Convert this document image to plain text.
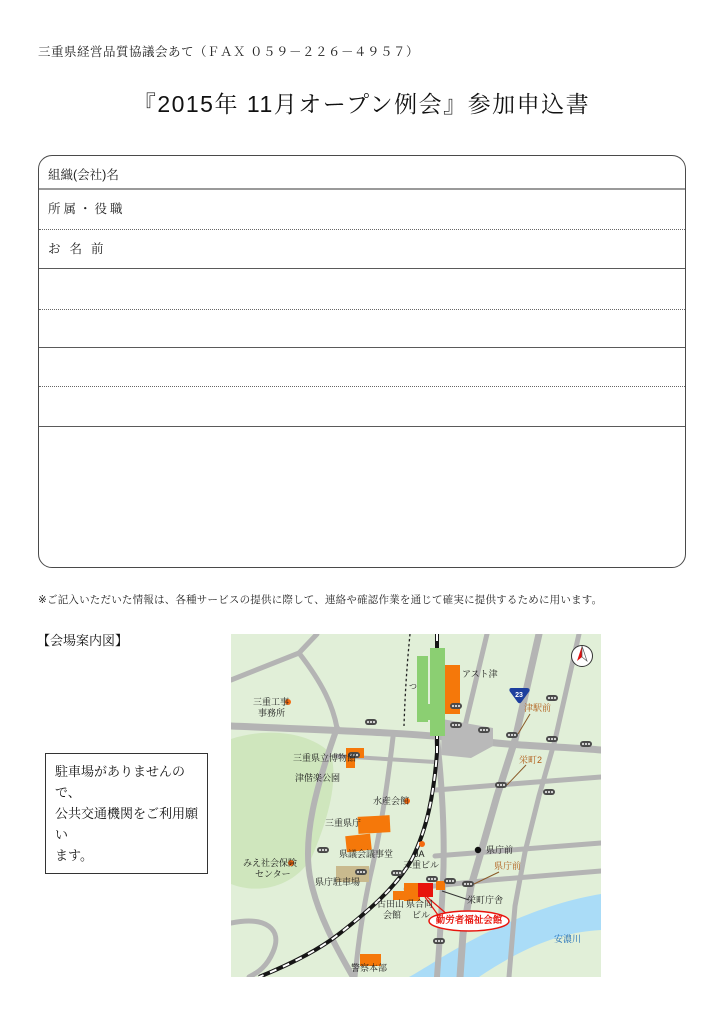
三重県経営品質協議会あて（ＦＡＸ ０５９－２２６－４９５７）
『2015年 11月オープン例会』参加申込書
組織(会社)名
所属・役職
お名前
※ご記入いただいた情報は、各種サービスの提供に際して、連絡や確認作業を通じて確実に提供するために用います。
【会場案内図】
駐車場がありませんので、
公共交通機関をご利用願い
ます。
23
アスト津
つ
三重工事
事務所	津駅前
栄町2
三重県立博物館
津偕楽公園
水産会館
三重県庁
県議会議事堂 JA
三重ビル
県庁前
県庁前
県庁駐車場
みえ社会保険
センター
古田山
会館
県合同
ビル
栄町庁舎
警察本部
安濃川
勤労者福祉会館
